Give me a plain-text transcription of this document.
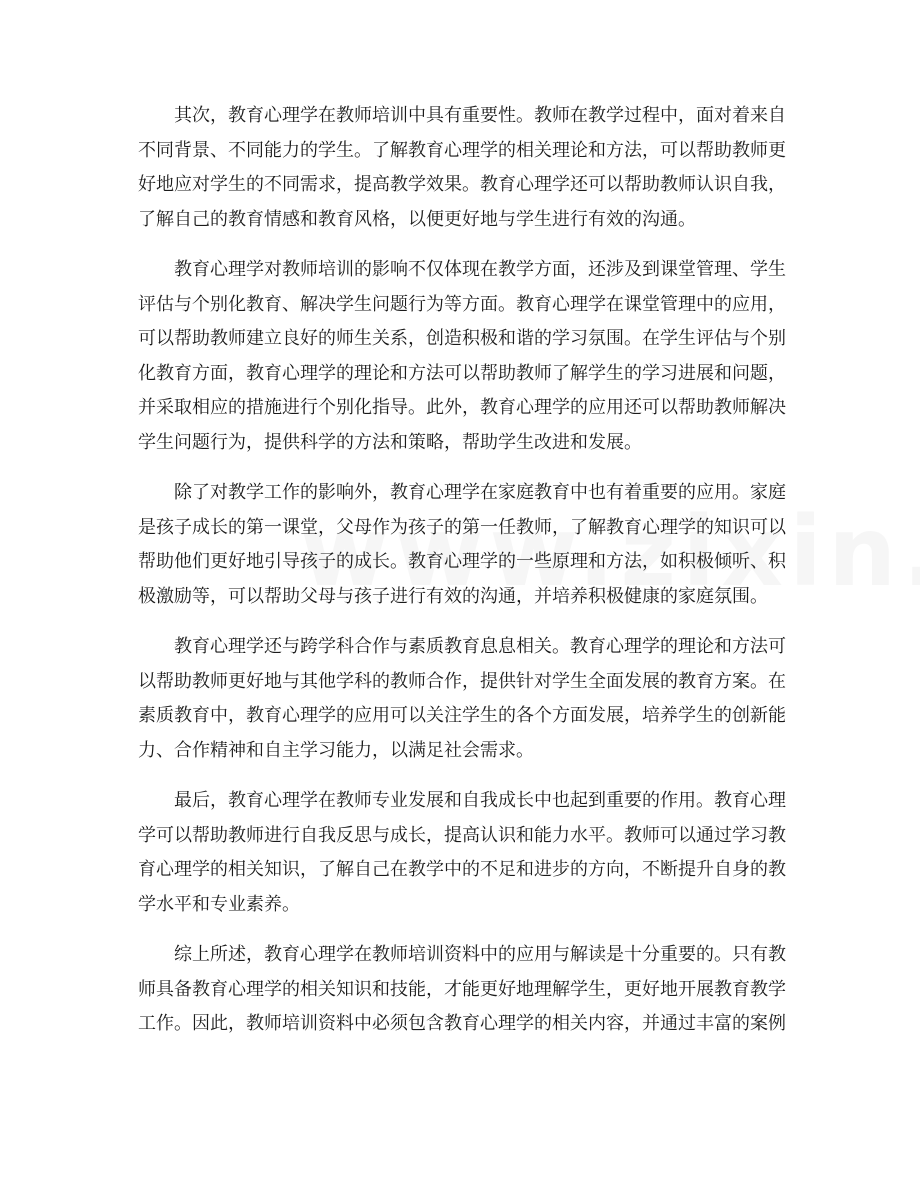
其次，教育心理学在教师培训中具有重要性。教师在教学过程中，面对着来自不同背景、不同能力的学生。了解教育心理学的相关理论和方法，可以帮助教师更好地应对学生的不同需求，提高教学效果。教育心理学还可以帮助教师认识自我，了解自己的教育情感和教育风格，以便更好地与学生进行有效的沟通。

教育心理学对教师培训的影响不仅体现在教学方面，还涉及到课堂管理、学生评估与个别化教育、解决学生问题行为等方面。教育心理学在课堂管理中的应用，可以帮助教师建立良好的师生关系，创造积极和谐的学习氛围。在学生评估与个别化教育方面，教育心理学的理论和方法可以帮助教师了解学生的学习进展和问题，并采取相应的措施进行个别化指导。此外，教育心理学的应用还可以帮助教师解决学生问题行为，提供科学的方法和策略，帮助学生改进和发展。

除了对教学工作的影响外，教育心理学在家庭教育中也有着重要的应用。家庭是孩子成长的第一课堂，父母作为孩子的第一任教师，了解教育心理学的知识可以帮助他们更好地引导孩子的成长。教育心理学的一些原理和方法，如积极倾听、积极激励等，可以帮助父母与孩子进行有效的沟通，并培养积极健康的家庭氛围。

教育心理学还与跨学科合作与素质教育息息相关。教育心理学的理论和方法可以帮助教师更好地与其他学科的教师合作，提供针对学生全面发展的教育方案。在素质教育中，教育心理学的应用可以关注学生的各个方面发展，培养学生的创新能力、合作精神和自主学习能力，以满足社会需求。

最后，教育心理学在教师专业发展和自我成长中也起到重要的作用。教育心理学可以帮助教师进行自我反思与成长，提高认识和能力水平。教师可以通过学习教育心理学的相关知识，了解自己在教学中的不足和进步的方向，不断提升自身的教学水平和专业素养。

综上所述，教育心理学在教师培训资料中的应用与解读是十分重要的。只有教师具备教育心理学的相关知识和技能，才能更好地理解学生，更好地开展教育教学工作。因此，教师培训资料中必须包含教育心理学的相关内容，并通过丰富的案例
